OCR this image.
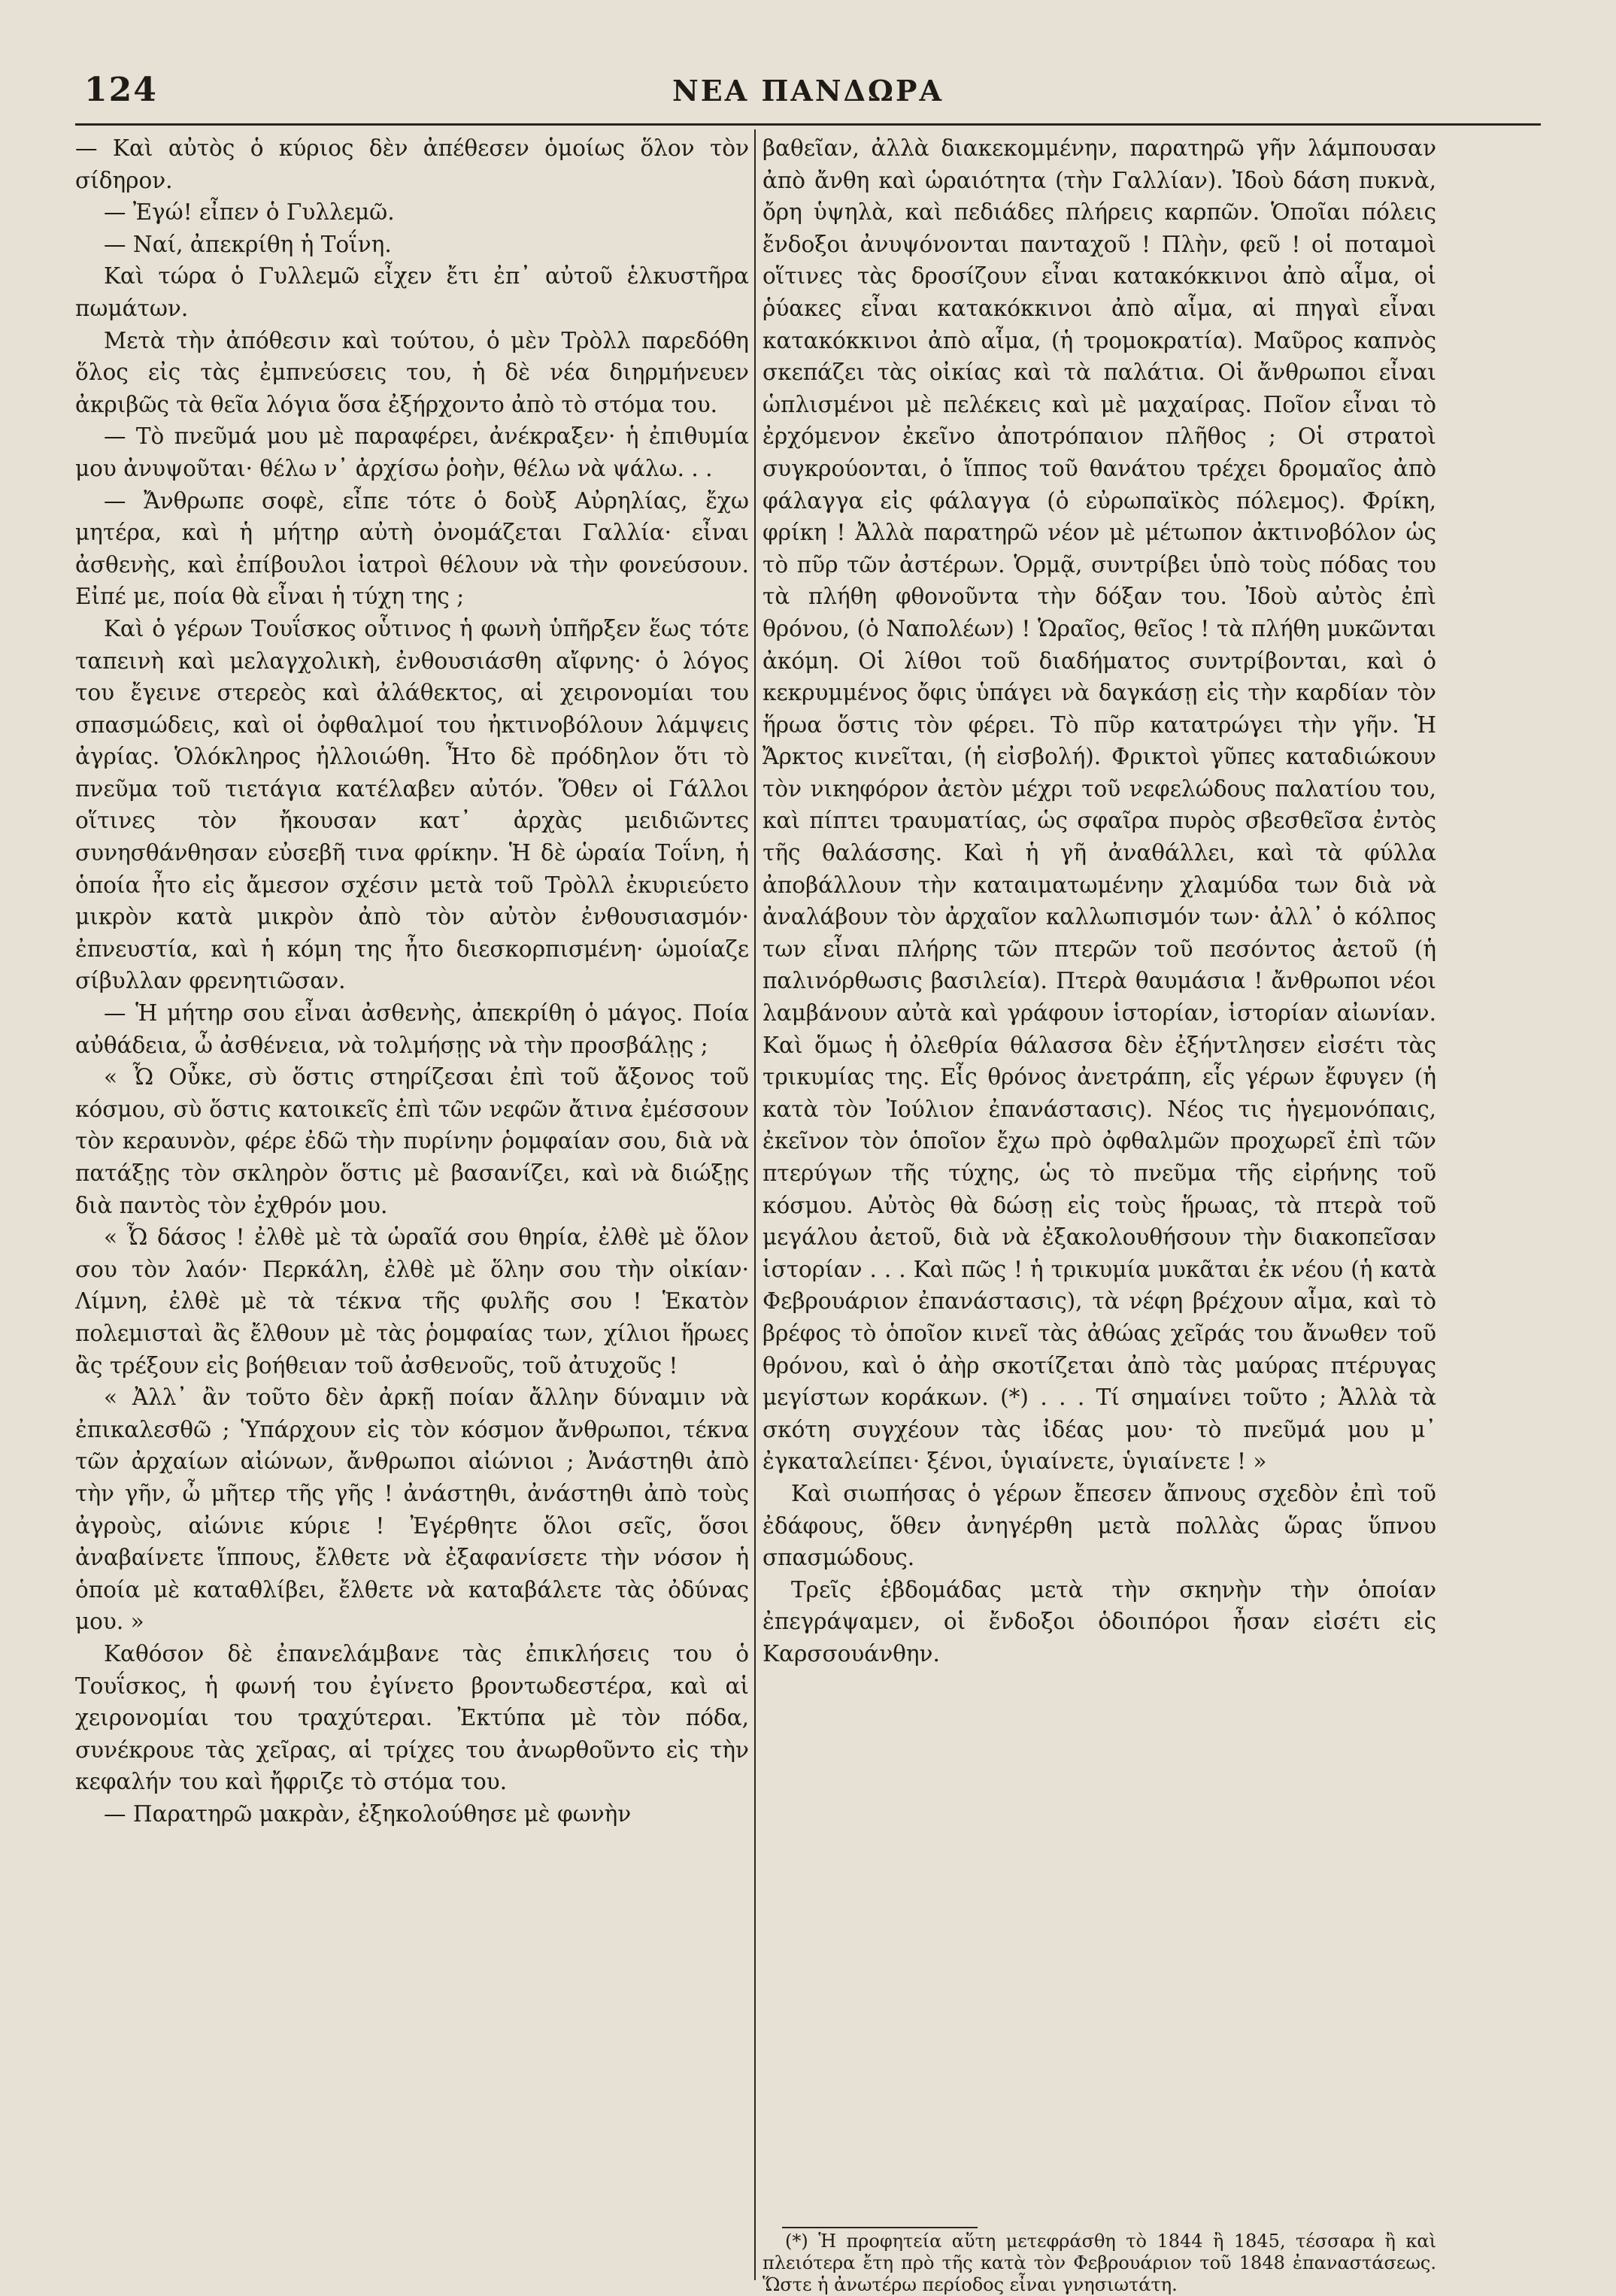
124	ΝΕΑ ΠΑΝΔΩΡΑ

— Καὶ αὐτὸς ὁ κύριος δὲν ἀπέθεσεν ὁμοίως ὅλον τὸν σίδηρον.

— Ἐγώ! εἶπεν ὁ Γυλλεμῶ.

— Ναί, ἀπεκρίθη ἡ Τοΐνη.

Καὶ τώρα ὁ Γυλλεμῶ εἶχεν ἔτι ἐπ᾽ αὐτοῦ ἑλκυστῆρα πωμάτων.

Μετὰ τὴν ἀπόθεσιν καὶ τούτου, ὁ μὲν Τρὸλλ παρεδόθη ὅλος εἰς τὰς ἐμπνεύσεις του, ἡ δὲ νέα διηρμήνευεν ἀκριβῶς τὰ θεῖα λόγια ὅσα ἐξήρχοντο ἀπὸ τὸ στόμα του.

— Τὸ πνεῦμά μου μὲ παραφέρει, ἀνέκραξεν· ἡ ἐπιθυμία μου ἀνυψοῦται· θέλω ν᾽ ἀρχίσω ῥοὴν, θέλω νὰ ψάλω. . .

— Ἄνθρωπε σοφὲ, εἶπε τότε ὁ δοὺξ Αὐρηλίας, ἔχω μητέρα, καὶ ἡ μήτηρ αὐτὴ ὀνομάζεται Γαλλία· εἶναι ἀσθενὴς, καὶ ἐπίβουλοι ἰατροὶ θέλουν νὰ τὴν φονεύσουν. Εἰπέ με, ποία θὰ εἶναι ἡ τύχη της ;

Καὶ ὁ γέρων Τουΐσκος οὗτινος ἡ φωνὴ ὑπῆρξεν ἕως τότε ταπεινὴ καὶ μελαγχολικὴ, ἐνθουσιάσθη αἴφνης· ὁ λόγος του ἔγεινε στερεὸς καὶ ἀλάθεκτος, αἱ χειρονομίαι του σπασμώδεις, καὶ οἱ ὀφθαλμοί του ἠκτινοβόλουν λάμψεις ἀγρίας. Ὁλόκληρος ἠλλοιώθη. Ἦτο δὲ πρόδηλον ὅτι τὸ πνεῦμα τοῦ τιετάγια κατέλαβεν αὐτόν. Ὅθεν οἱ Γάλλοι οἵτινες τὸν ἤκουσαν κατ᾽ ἀρχὰς μειδιῶντες συνησθάνθησαν εὐσεβῆ τινα φρίκην. Ἡ δὲ ὡραία Τοΐνη, ἡ ὁποία ἦτο εἰς ἄμεσον σχέσιν μετὰ τοῦ Τρὸλλ ἐκυριεύετο μικρὸν κατὰ μικρὸν ἀπὸ τὸν αὐτὸν ἐνθουσιασμόν· ἐπνευστία, καὶ ἡ κόμη της ἦτο διεσκορπισμένη· ὡμοίαζε σίβυλλαν φρενητιῶσαν.

— Ἡ μήτηρ σου εἶναι ἀσθενὴς, ἀπεκρίθη ὁ μάγος. Ποία αὐθάδεια, ὦ ἀσθένεια, νὰ τολμήσῃς νὰ τὴν προσβάλῃς ;

« Ὦ Οὖκε, σὺ ὅστις στηρίζεσαι ἐπὶ τοῦ ἄξονος τοῦ κόσμου, σὺ ὅστις κατοικεῖς ἐπὶ τῶν νεφῶν ἄτινα ἐμέσσουν τὸν κεραυνὸν, φέρε ἐδῶ τὴν πυρίνην ῥομφαίαν σου, διὰ νὰ πατάξῃς τὸν σκληρὸν ὅστις μὲ βασανίζει, καὶ νὰ διώξῃς διὰ παντὸς τὸν ἐχθρόν μου.

« Ὦ δάσος ! ἐλθὲ μὲ τὰ ὡραῖά σου θηρία, ἐλθὲ μὲ ὅλον σου τὸν λαόν· Περκάλη, ἐλθὲ μὲ ὅλην σου τὴν οἰκίαν· Λίμνη, ἐλθὲ μὲ τὰ τέκνα τῆς φυλῆς σου ! Ἑκατὸν πολεμισταὶ ἂς ἔλθουν μὲ τὰς ῥομφαίας των, χίλιοι ἥρωες ἂς τρέξουν εἰς βοήθειαν τοῦ ἀσθενοῦς, τοῦ ἀτυχοῦς !

« Ἀλλ᾽ ἂν τοῦτο δὲν ἀρκῇ ποίαν ἄλλην δύναμιν νὰ ἐπικαλεσθῶ ; Ὑπάρχουν εἰς τὸν κόσμον ἄνθρωποι, τέκνα τῶν ἀρχαίων αἰώνων, ἄνθρωποι αἰώνιοι ; Ἀνάστηθι ἀπὸ τὴν γῆν, ὦ μῆτερ τῆς γῆς ! ἀνάστηθι, ἀνάστηθι ἀπὸ τοὺς ἀγροὺς, αἰώνιε κύριε ! Ἐγέρθητε ὅλοι σεῖς, ὅσοι ἀναβαίνετε ἵππους, ἔλθετε νὰ ἐξαφανίσετε τὴν νόσον ἡ ὁποία μὲ καταθλίβει, ἔλθετε νὰ καταβάλετε τὰς ὀδύνας μου. »

Καθόσον δὲ ἐπανελάμβανε τὰς ἐπικλήσεις του ὁ Τουΐσκος, ἡ φωνή του ἐγίνετο βροντωδεστέρα, καὶ αἱ χειρονομίαι του τραχύτεραι. Ἐκτύπα μὲ τὸν πόδα, συνέκρουε τὰς χεῖρας, αἱ τρίχες του ἀνωρθοῦντο εἰς τὴν κεφαλήν του καὶ ἤφριζε τὸ στόμα του.

— Παρατηρῶ μακρὰν, ἐξηκολούθησε μὲ φωνὴν

βαθεῖαν, ἀλλὰ διακεκομμένην, παρατηρῶ γῆν λάμπουσαν ἀπὸ ἄνθη καὶ ὡραιότητα (τὴν Γαλλίαν). Ἰδοὺ δάση πυκνὰ, ὄρη ὑψηλὰ, καὶ πεδιάδες πλήρεις καρπῶν. Ὁποῖαι πόλεις ἔνδοξοι ἀνυψόνονται πανταχοῦ ! Πλὴν, φεῦ ! οἱ ποταμοὶ οἵτινες τὰς δροσίζουν εἶναι κατακόκκινοι ἀπὸ αἷμα, οἱ ῥύακες εἶναι κατακόκκινοι ἀπὸ αἷμα, αἱ πηγαὶ εἶναι κατακόκκινοι ἀπὸ αἷμα, (ἡ τρομοκρατία). Μαῦρος καπνὸς σκεπάζει τὰς οἰκίας καὶ τὰ παλάτια. Οἱ ἄνθρωποι εἶναι ὡπλισμένοι μὲ πελέκεις καὶ μὲ μαχαίρας. Ποῖον εἶναι τὸ ἐρχόμενον ἐκεῖνο ἀποτρόπαιον πλῆθος ; Οἱ στρατοὶ συγκρούονται, ὁ ἵππος τοῦ θανάτου τρέχει δρομαῖος ἀπὸ φάλαγγα εἰς φάλαγγα (ὁ εὐρωπαϊκὸς πόλεμος). Φρίκη, φρίκη ! Ἀλλὰ παρατηρῶ νέον μὲ μέτωπον ἀκτινοβόλον ὡς τὸ πῦρ τῶν ἀστέρων. Ὁρμᾷ, συντρίβει ὑπὸ τοὺς πόδας του τὰ πλήθη φθονοῦντα τὴν δόξαν του. Ἰδοὺ αὐτὸς ἐπὶ θρόνου, (ὁ Ναπολέων) ! Ὡραῖος, θεῖος ! τὰ πλήθη μυκῶνται ἀκόμη. Οἱ λίθοι τοῦ διαδήματος συντρίβονται, καὶ ὁ κεκρυμμένος ὄφις ὑπάγει νὰ δαγκάσῃ εἰς τὴν καρδίαν τὸν ἥρωα ὅστις τὸν φέρει. Τὸ πῦρ κατατρώγει τὴν γῆν. Ἡ Ἄρκτος κινεῖται, (ἡ εἰσβολή). Φρικτοὶ γῦπες καταδιώκουν τὸν νικηφόρον ἀετὸν μέχρι τοῦ νεφελώδους παλατίου του, καὶ πίπτει τραυματίας, ὡς σφαῖρα πυρὸς σβεσθεῖσα ἐντὸς τῆς θαλάσσης. Καὶ ἡ γῆ ἀναθάλλει, καὶ τὰ φύλλα ἀποβάλλουν τὴν καταιματωμένην χλαμύδα των διὰ νὰ ἀναλάβουν τὸν ἀρχαῖον καλλωπισμόν των· ἀλλ᾽ ὁ κόλπος των εἶναι πλήρης τῶν πτερῶν τοῦ πεσόντος ἀετοῦ (ἡ παλινόρθωσις βασιλεία). Πτερὰ θαυμάσια ! ἄνθρωποι νέοι λαμβάνουν αὐτὰ καὶ γράφουν ἱστορίαν, ἱστορίαν αἰωνίαν. Καὶ ὅμως ἡ ὀλεθρία θάλασσα δὲν ἐξήντλησεν εἰσέτι τὰς τρικυμίας της. Εἷς θρόνος ἀνετράπη, εἷς γέρων ἔφυγεν (ἡ κατὰ τὸν Ἰούλιον ἐπανάστασις). Νέος τις ἡγεμονόπαις, ἐκεῖνον τὸν ὁποῖον ἔχω πρὸ ὀφθαλμῶν προχωρεῖ ἐπὶ τῶν πτερύγων τῆς τύχης, ὡς τὸ πνεῦμα τῆς εἰρήνης τοῦ κόσμου. Αὐτὸς θὰ δώσῃ εἰς τοὺς ἥρωας, τὰ πτερὰ τοῦ μεγάλου ἀετοῦ, διὰ νὰ ἐξακολουθήσουν τὴν διακοπεῖσαν ἱστορίαν . . . Καὶ πῶς ! ἡ τρικυμία μυκᾶται ἐκ νέου (ἡ κατὰ Φεβρουάριον ἐπανάστασις), τὰ νέφη βρέχουν αἷμα, καὶ τὸ βρέφος τὸ ὁποῖον κινεῖ τὰς ἀθώας χεῖράς του ἄνωθεν τοῦ θρόνου, καὶ ὁ ἀὴρ σκοτίζεται ἀπὸ τὰς μαύρας πτέρυγας μεγίστων κοράκων. (*) . . . Τί σημαίνει τοῦτο ; Ἀλλὰ τὰ σκότη συγχέουν τὰς ἰδέας μου· τὸ πνεῦμά μου μ᾽ ἐγκαταλείπει· ξένοι, ὑγιαίνετε, ὑγιαίνετε ! »

Καὶ σιωπήσας ὁ γέρων ἔπεσεν ἄπνους σχεδὸν ἐπὶ τοῦ ἐδάφους, ὅθεν ἀνηγέρθη μετὰ πολλὰς ὥρας ὕπνου σπασμώδους.

Τρεῖς ἑβδομάδας μετὰ τὴν σκηνὴν τὴν ὁποίαν ἐπεγράψαμεν, οἱ ἔνδοξοι ὁδοιπόροι ἦσαν εἰσέτι εἰς Καρσσουάνθην.

(*) Ἡ προφητεία αὕτη μετεφράσθη τὸ 1844 ἢ 1845, τέσσαρα ἢ καὶ πλειότερα ἔτη πρὸ τῆς κατὰ τὸν Φεβρουάριον τοῦ 1848 ἐπαναστάσεως. Ὥστε ἡ ἀνωτέρω περίοδος εἶναι γνησιωτάτη.
